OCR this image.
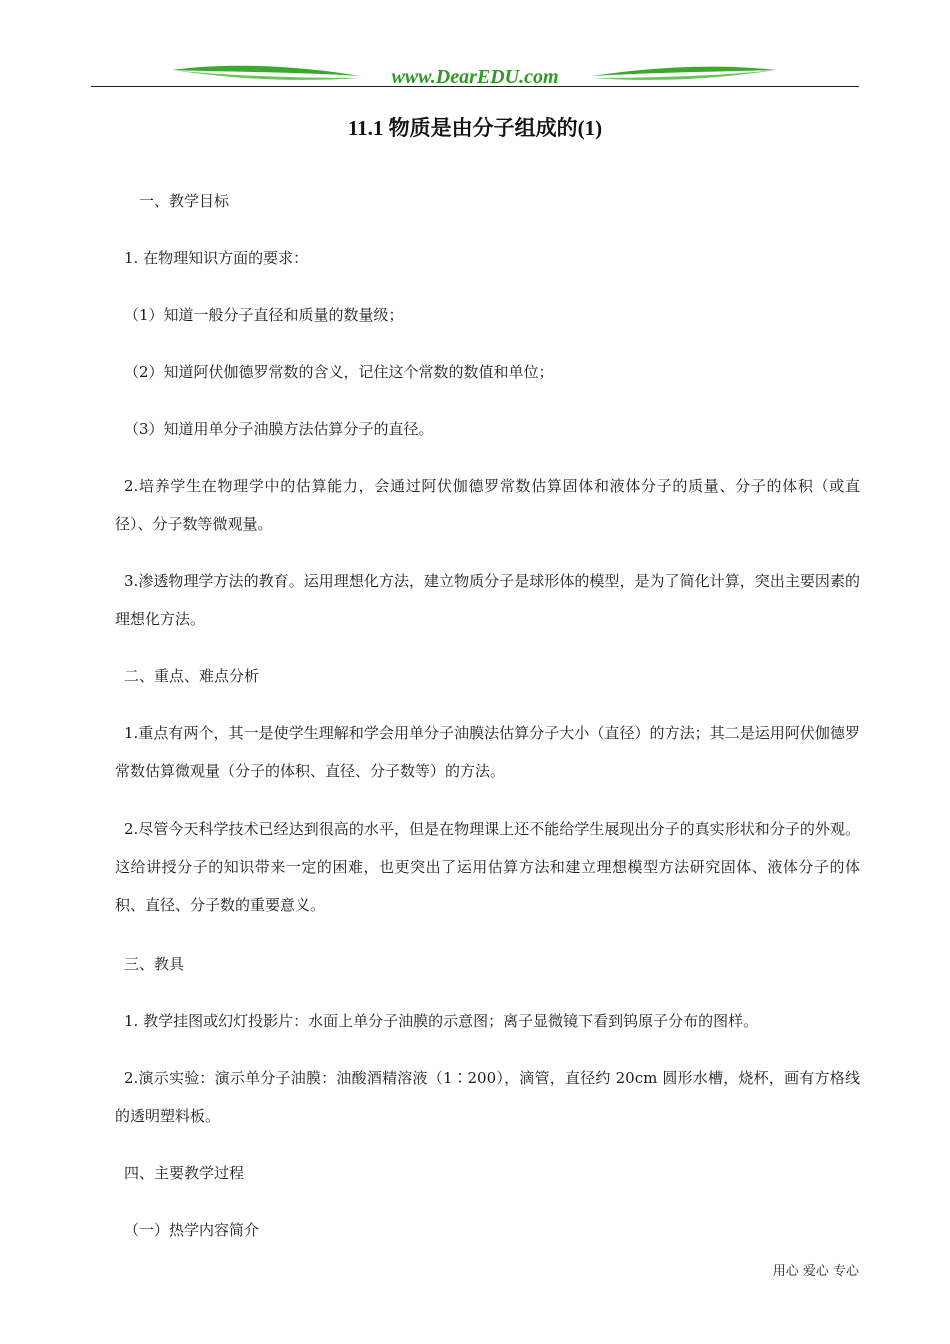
www.DearEDU.com
11.1 物质是由分子组成的(1)
一、教学目标
1. 在物理知识方面的要求：
（1）知道一般分子直径和质量的数量级；
（2）知道阿伏伽德罗常数的含义，记住这个常数的数值和单位；
（3）知道用单分子油膜方法估算分子的直径。
2.培养学生在物理学中的估算能力，会通过阿伏伽德罗常数估算固体和液体分子的质量、分子的体积（或直径）、分子数等微观量。
3.渗透物理学方法的教育。运用理想化方法，建立物质分子是球形体的模型，是为了简化计算，突出主要因素的理想化方法。
二、重点、难点分析
1.重点有两个，其一是使学生理解和学会用单分子油膜法估算分子大小（直径）的方法；其二是运用阿伏伽德罗常数估算微观量（分子的体积、直径、分子数等）的方法。
2.尽管今天科学技术已经达到很高的水平，但是在物理课上还不能给学生展现出分子的真实形状和分子的外观。这给讲授分子的知识带来一定的困难，也更突出了运用估算方法和建立理想模型方法研究固体、液体分子的体积、直径、分子数的重要意义。
三、教具
1. 教学挂图或幻灯投影片：水面上单分子油膜的示意图；离子显微镜下看到钨原子分布的图样。
2.演示实验：演示单分子油膜：油酸酒精溶液（1∶200），滴管，直径约 20cm 圆形水槽，烧杯，画有方格线的透明塑料板。
四、主要教学过程
（一）热学内容简介
用心 爱心 专心
